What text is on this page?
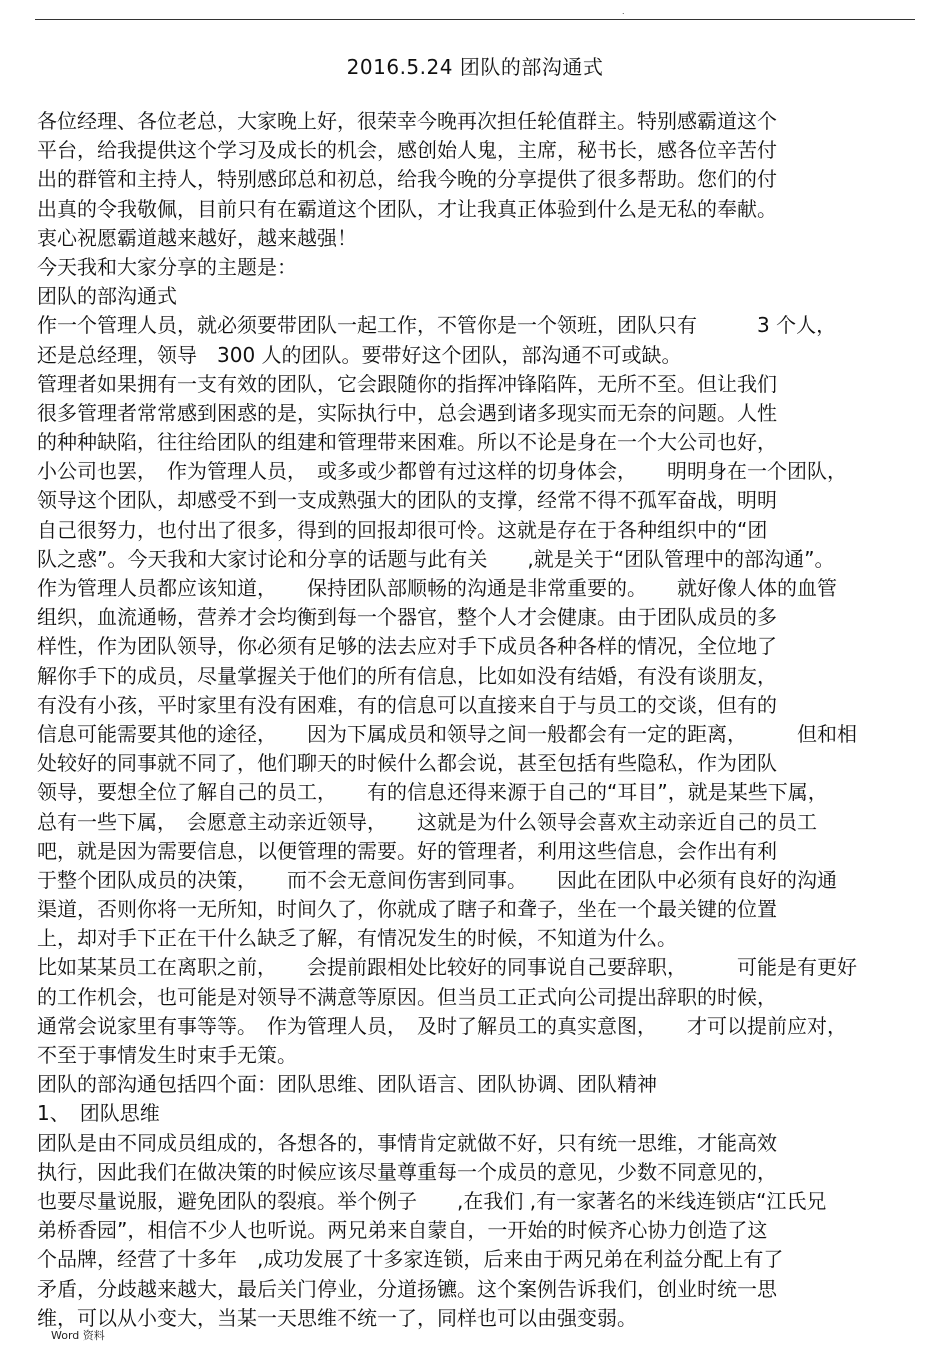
.
2016.5.24 团队的部沟通式
各位经理、各位老总，大家晚上好，很荣幸今晚再次担任轮值群主。特别感霸道这个
平台，给我提供这个学习及成长的机会，感创始人鬼，主席，秘书长，感各位辛苦付
出的群管和主持人，特别感邱总和初总，给我今晚的分享提供了很多帮助。您们的付
出真的令我敬佩，目前只有在霸道这个团队，才让我真正体验到什么是无私的奉献。
衷心祝愿霸道越来越好，越来越强！
今天我和大家分享的主题是：
团队的部沟通式
作一个管理人员，就必须要带团队一起工作，不管你是一个领班，团队只有　　　3 个人，
还是总经理，领导　300 人的团队。要带好这个团队，部沟通不可或缺。
管理者如果拥有一支有效的团队，它会跟随你的指挥冲锋陷阵，无所不至。但让我们
很多管理者常常感到困惑的是，实际执行中，总会遇到诸多现实而无奈的问题。人性
的种种缺陷，往往给团队的组建和管理带来困难。所以不论是身在一个大公司也好，
小公司也罢，　作为管理人员，　或多或少都曾有过这样的切身体会，　　明明身在一个团队，
领导这个团队，却感受不到一支成熟强大的团队的支撑，经常不得不孤军奋战，明明
自己很努力，也付出了很多，得到的回报却很可怜。这就是存在于各种组织中的“团
队之惑”。今天我和大家讨论和分享的话题与此有关　　,就是关于“团队管理中的部沟通”。
作为管理人员都应该知道，　　保持团队部顺畅的沟通是非常重要的。　　就好像人体的血管
组织，血流通畅，营养才会均衡到每一个器官，整个人才会健康。由于团队成员的多
样性，作为团队领导，你必须有足够的法去应对手下成员各种各样的情况，全位地了
解你手下的成员，尽量掌握关于他们的所有信息，比如如没有结婚，有没有谈朋友，
有没有小孩，平时家里有没有困难，有的信息可以直接来自于与员工的交谈，但有的
信息可能需要其他的途径，　　因为下属成员和领导之间一般都会有一定的距离，　　　但和相
处较好的同事就不同了，他们聊天的时候什么都会说，甚至包括有些隐私，作为团队
领导，要想全位了解自己的员工，　　有的信息还得来源于自己的“耳目”，就是某些下属，
总有一些下属，　会愿意主动亲近领导，　　这就是为什么领导会喜欢主动亲近自己的员工
吧，就是因为需要信息，以便管理的需要。好的管理者，利用这些信息，会作出有利
于整个团队成员的决策，　　而不会无意间伤害到同事。　　因此在团队中必须有良好的沟通
渠道，否则你将一无所知，时间久了，你就成了瞎子和聋子，坐在一个最关键的位置
上，却对手下正在干什么缺乏了解，有情况发生的时候，不知道为什么。
比如某某员工在离职之前，　　会提前跟相处比较好的同事说自己要辞职，　　　可能是有更好
的工作机会，也可能是对领导不满意等原因。但当员工正式向公司提出辞职的时候，
通常会说家里有事等等。　作为管理人员，　及时了解员工的真实意图，　　才可以提前应对，
不至于事情发生时束手无策。
团队的部沟通包括四个面：团队思维、团队语言、团队协调、团队精神
1、　团队思维
团队是由不同成员组成的，各想各的，事情肯定就做不好，只有统一思维，才能高效
执行，因此我们在做决策的时候应该尽量尊重每一个成员的意见，少数不同意见的，
也要尽量说服，避免团队的裂痕。举个例子　　,在我们 ,有一家著名的米线连锁店“江氏兄
弟桥香园”，相信不少人也听说。两兄弟来自蒙自，一开始的时候齐心协力创造了这
个品牌，经营了十多年　,成功发展了十多家连锁，后来由于两兄弟在利益分配上有了
矛盾，分歧越来越大，最后关门停业，分道扬镳。这个案例告诉我们，创业时统一思
维，可以从小变大，当某一天思维不统一了，同样也可以由强变弱。
Word 资料
